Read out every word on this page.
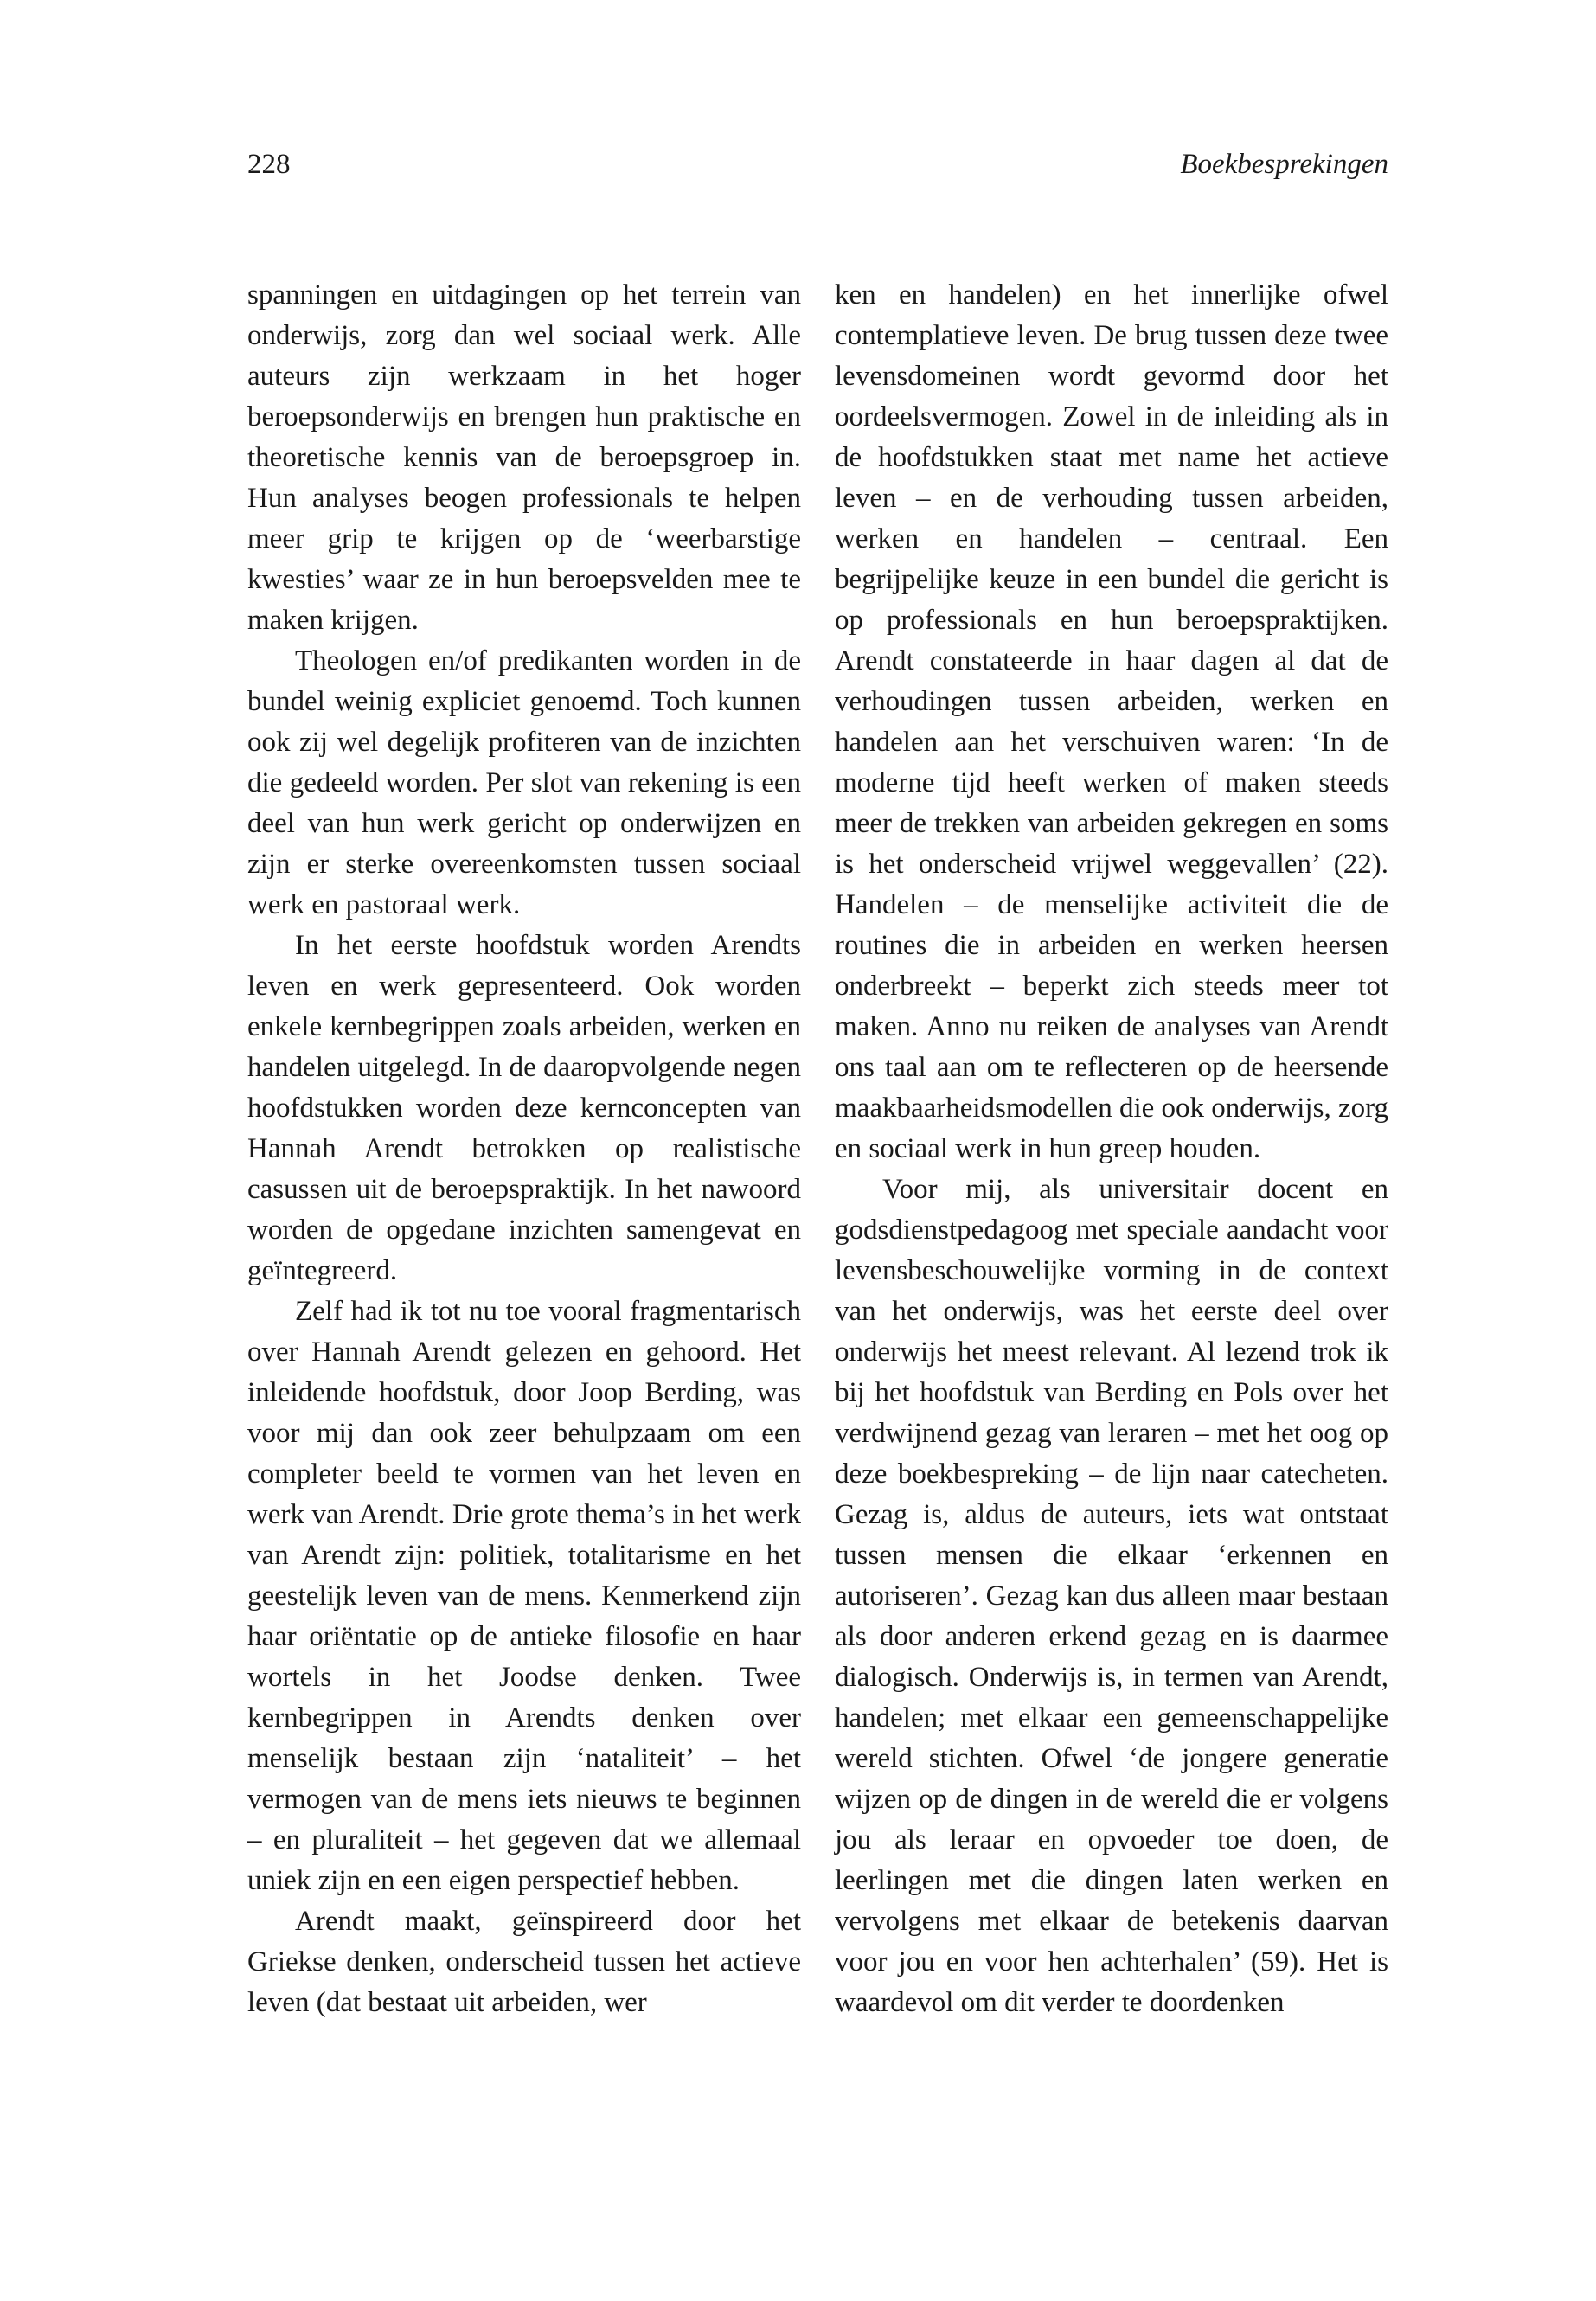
228	Boekbesprekingen

spanningen en uitdagingen op het terrein van onderwijs, zorg dan wel sociaal werk. Alle auteurs zijn werkzaam in het hoger beroepsonderwijs en brengen hun praktische en theoretische kennis van de beroepsgroep in. Hun analyses beogen professionals te helpen meer grip te krijgen op de ‘weerbarstige kwesties’ waar ze in hun beroepsvelden mee te maken krijgen.

Theologen en/of predikanten worden in de bundel weinig expliciet genoemd. Toch kunnen ook zij wel degelijk profiteren van de inzichten die gedeeld worden. Per slot van rekening is een deel van hun werk gericht op onderwijzen en zijn er sterke overeenkomsten tussen sociaal werk en pastoraal werk.

In het eerste hoofdstuk worden Arendts leven en werk gepresenteerd. Ook worden enkele kernbegrippen zoals arbeiden, werken en handelen uitgelegd. In de daaropvolgende negen hoofdstukken worden deze kernconcepten van Hannah Arendt betrokken op realistische casussen uit de beroepspraktijk. In het nawoord worden de opgedane inzichten samengevat en geïntegreerd.

Zelf had ik tot nu toe vooral fragmentarisch over Hannah Arendt gelezen en gehoord. Het inleidende hoofdstuk, door Joop Berding, was voor mij dan ook zeer behulpzaam om een completer beeld te vormen van het leven en werk van Arendt. Drie grote thema’s in het werk van Arendt zijn: politiek, totalitarisme en het geestelijk leven van de mens. Kenmerkend zijn haar oriëntatie op de antieke filosofie en haar wortels in het Joodse denken. Twee kernbegrippen in Arendts denken over menselijk bestaan zijn ‘nataliteit’ – het vermogen van de mens iets nieuws te beginnen – en pluraliteit – het gegeven dat we allemaal uniek zijn en een eigen perspectief hebben.

Arendt maakt, geïnspireerd door het Griekse denken, onderscheid tussen het actieve leven (dat bestaat uit arbeiden, wer

ken en handelen) en het innerlijke ofwel contemplatieve leven. De brug tussen deze twee levensdomeinen wordt gevormd door het oordeelsvermogen. Zowel in de inleiding als in de hoofdstukken staat met name het actieve leven – en de verhouding tussen arbeiden, werken en handelen – centraal. Een begrijpelijke keuze in een bundel die gericht is op professionals en hun beroepspraktijken. Arendt constateerde in haar dagen al dat de verhoudingen tussen arbeiden, werken en handelen aan het verschuiven waren: ‘In de moderne tijd heeft werken of maken steeds meer de trekken van arbeiden gekregen en soms is het onderscheid vrijwel weggevallen’ (22). Handelen – de menselijke activiteit die de routines die in arbeiden en werken heersen onderbreekt – beperkt zich steeds meer tot maken. Anno nu reiken de analyses van Arendt ons taal aan om te reflecteren op de heersende maakbaarheidsmodellen die ook onderwijs, zorg en sociaal werk in hun greep houden.

Voor mij, als universitair docent en godsdienstpedagoog met speciale aandacht voor levensbeschouwelijke vorming in de context van het onderwijs, was het eerste deel over onderwijs het meest relevant. Al lezend trok ik bij het hoofdstuk van Berding en Pols over het verdwijnend gezag van leraren – met het oog op deze boekbespreking – de lijn naar catecheten. Gezag is, aldus de auteurs, iets wat ontstaat tussen mensen die elkaar ‘erkennen en autoriseren’. Gezag kan dus alleen maar bestaan als door anderen erkend gezag en is daarmee dialogisch. Onderwijs is, in termen van Arendt, handelen; met elkaar een gemeenschappelijke wereld stichten. Ofwel ‘de jongere generatie wijzen op de dingen in de wereld die er volgens jou als leraar en opvoeder toe doen, de leerlingen met die dingen laten werken en vervolgens met elkaar de betekenis daarvan voor jou en voor hen achterhalen’ (59). Het is waardevol om dit verder te doordenken
